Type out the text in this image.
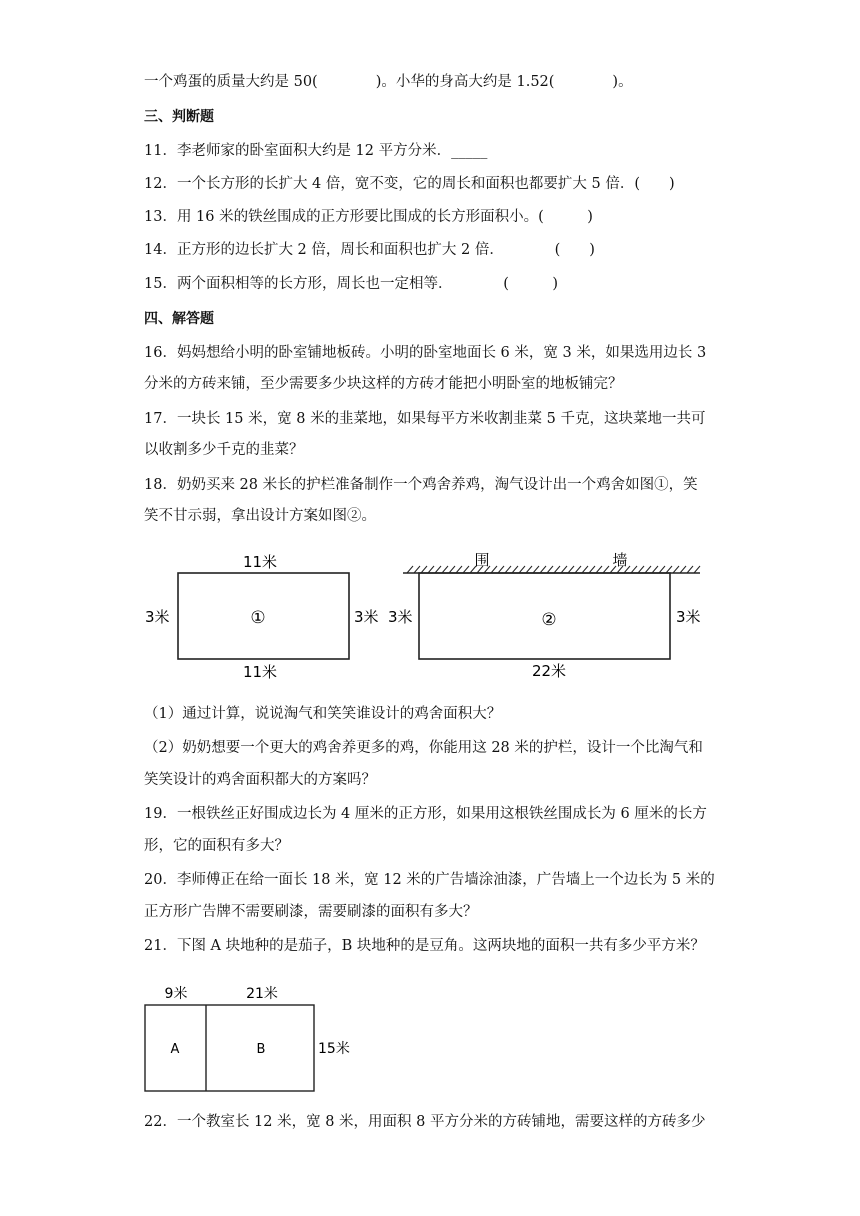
一个鸡蛋的质量大约是 50(　　　　)。小华的身高大约是 1.52(　　　　)。
三、判断题
11．李老师家的卧室面积大约是 12 平方分米．_____
12．一个长方形的长扩大 4 倍，宽不变，它的周长和面积也都要扩大 5 倍．(　　)
13．用 16 米的铁丝围成的正方形要比围成的长方形面积小。(　　　)
14．正方形的边长扩大 2 倍，周长和面积也扩大 2 倍．　　　　(　　)
15．两个面积相等的长方形，周长也一定相等．　　　　(　　　)
四、解答题
16．妈妈想给小明的卧室铺地板砖。小明的卧室地面长 6 米，宽 3 米，如果选用边长 3
分米的方砖来铺，至少需要多少块这样的方砖才能把小明卧室的地板铺完？
17．一块长 15 米，宽 8 米的韭菜地，如果每平方米收割韭菜 5 千克，这块菜地一共可
以收割多少千克的韭菜？
18．奶奶买来 28 米长的护栏准备制作一个鸡舍养鸡，淘气设计出一个鸡舍如图①，笑
笑不甘示弱，拿出设计方案如图②。
11米
11米
3米	3米
①
围	墙
3米	3米
22米
②
（1）通过计算，说说淘气和笑笑谁设计的鸡舍面积大？
（2）奶奶想要一个更大的鸡舍养更多的鸡，你能用这 28 米的护栏，设计一个比淘气和
笑笑设计的鸡舍面积都大的方案吗？
19．一根铁丝正好围成边长为 4 厘米的正方形，如果用这根铁丝围成长为 6 厘米的长方
形，它的面积有多大？
20．李师傅正在给一面长 18 米，宽 12 米的广告墙涂油漆，广告墙上一个边长为 5 米的
正方形广告牌不需要刷漆，需要刷漆的面积有多大？
21．下图 A 块地种的是茄子，B 块地种的是豆角。这两块地的面积一共有多少平方米？
9米	21米
A	B	15米
22．一个教室长 12 米，宽 8 米，用面积 8 平方分米的方砖铺地，需要这样的方砖多少
